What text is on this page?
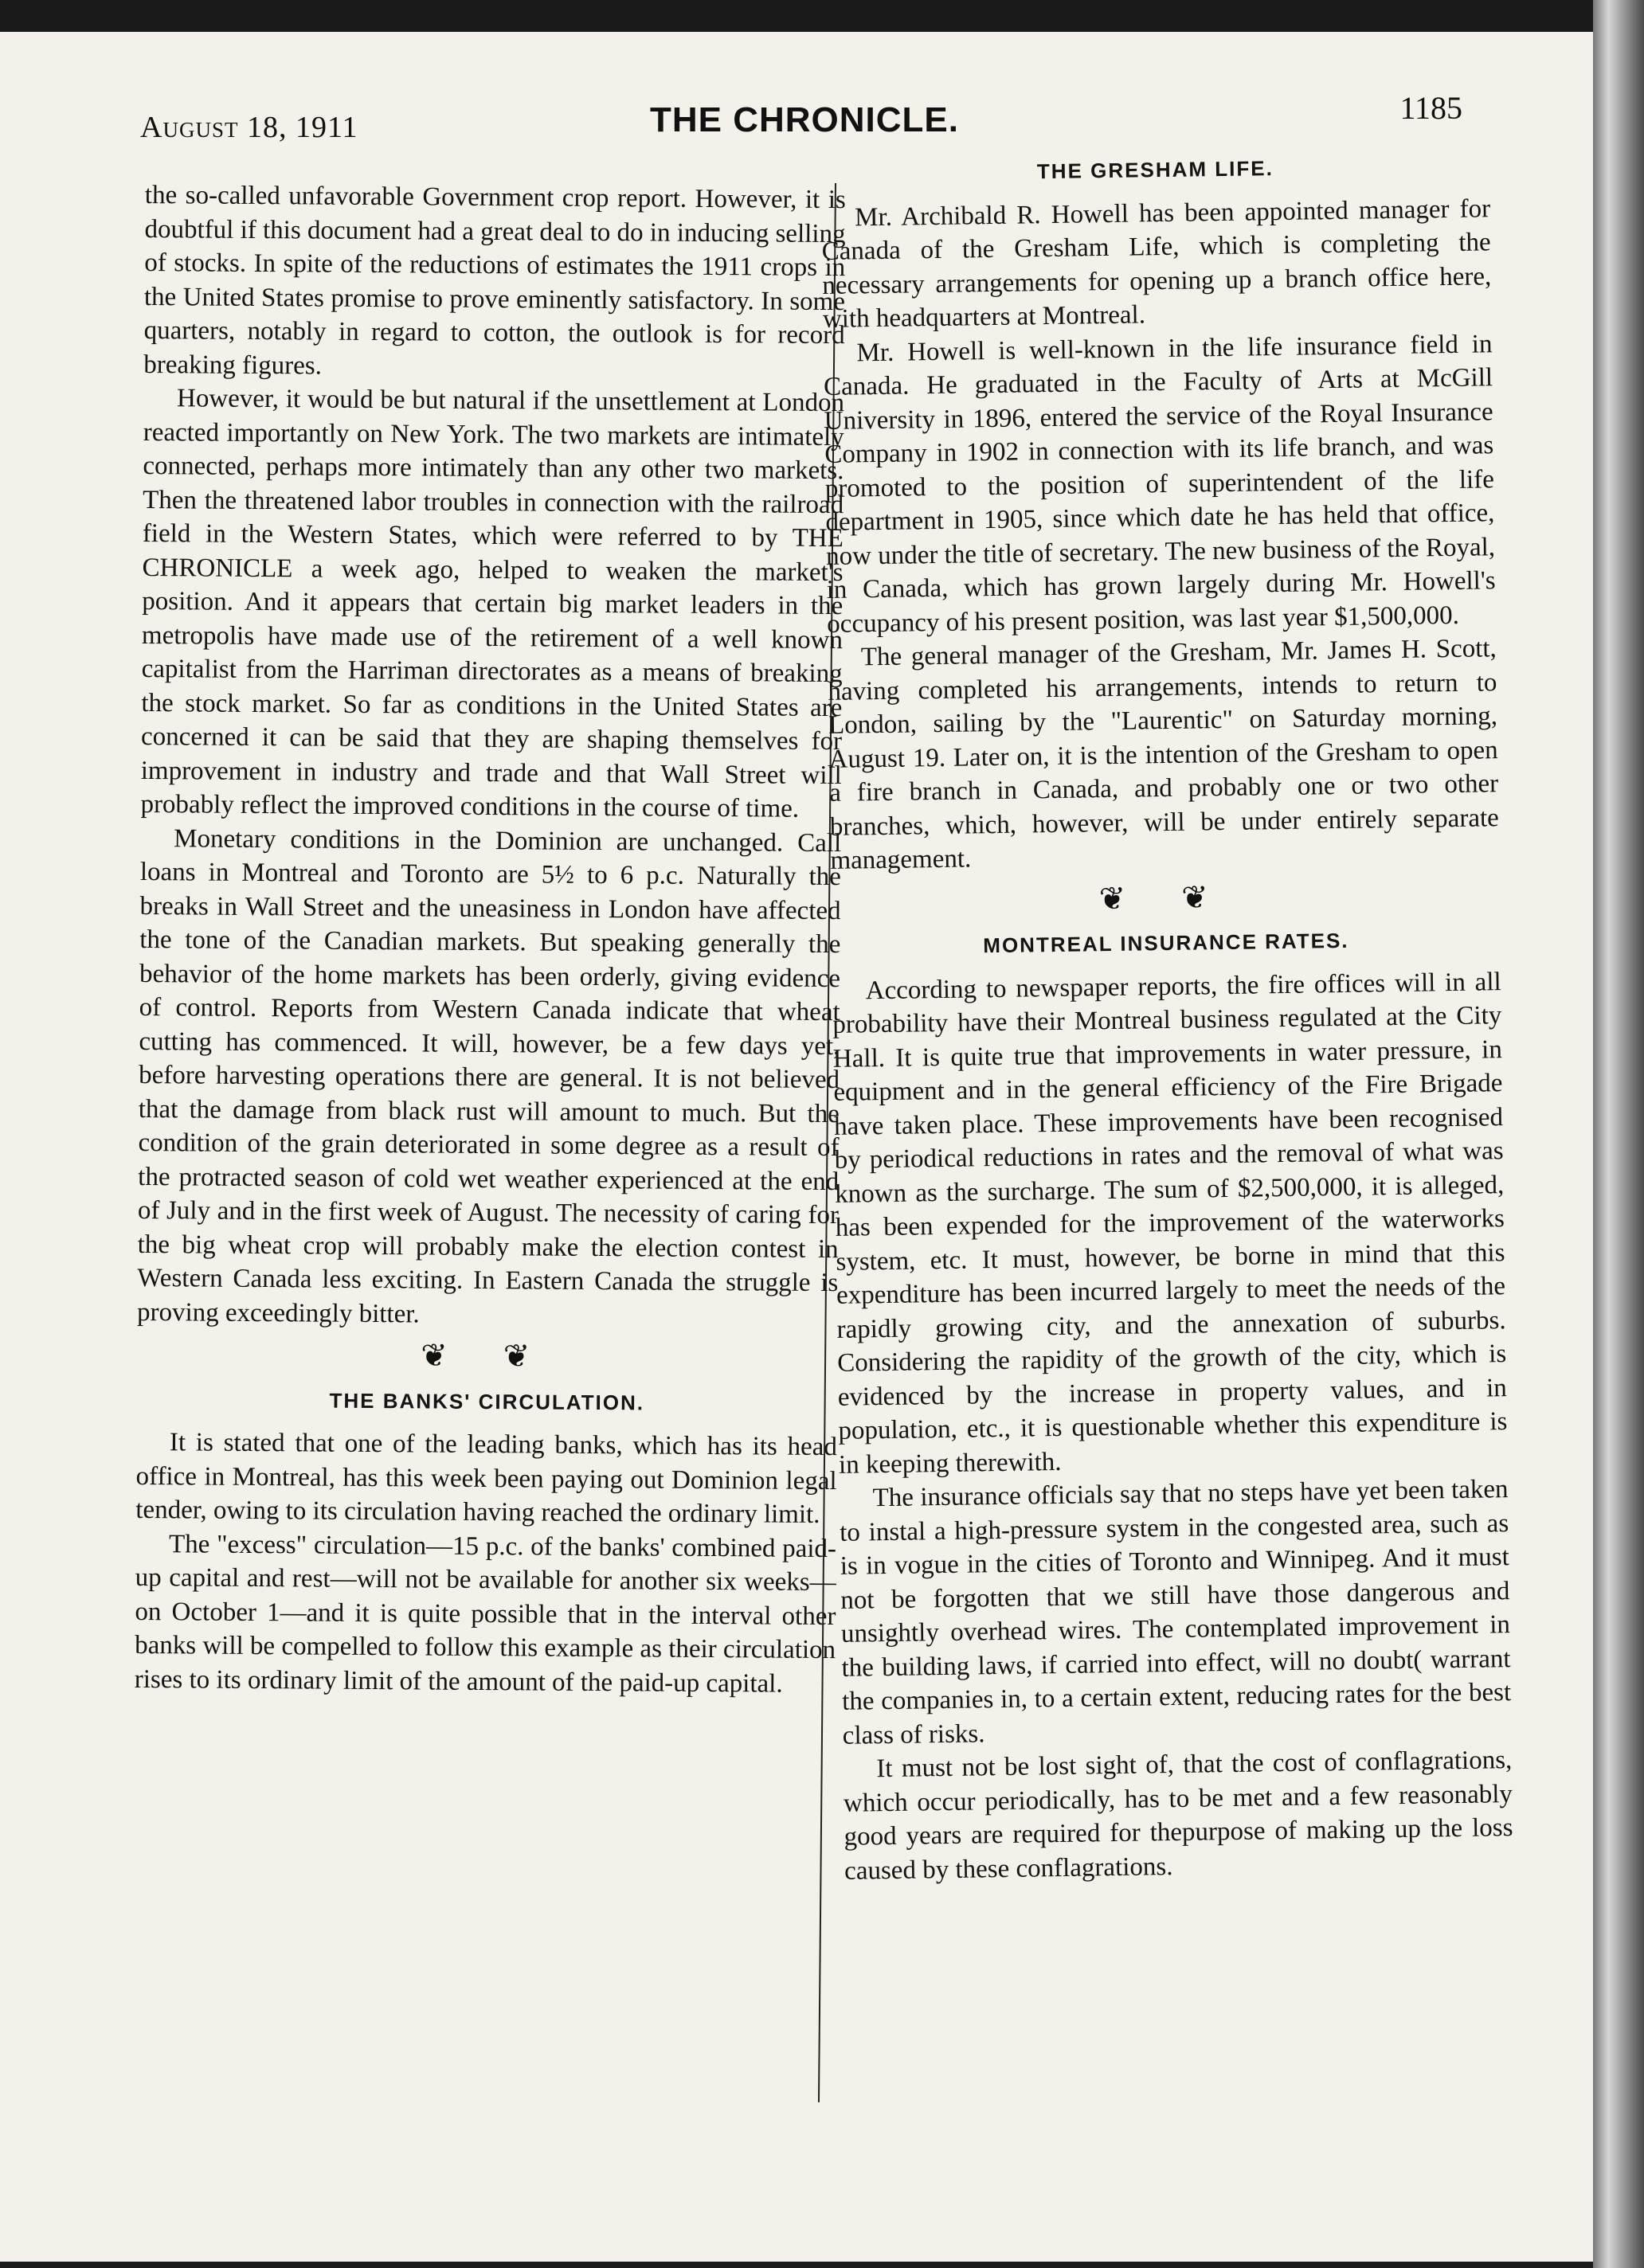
August 18, 1911	THE CHRONICLE.	1185

the so-called unfavorable Government crop report. However, it is doubtful if this document had a great deal to do in inducing selling of stocks. In spite of the reductions of estimates the 1911 crops in the United States promise to prove eminently satisfactory. In some quarters, notably in regard to cotton, the outlook is for record breaking figures.

However, it would be but natural if the unsettlement at London reacted importantly on New York. The two markets are intimately connected, perhaps more intimately than any other two markets. Then the threatened labor troubles in connection with the railroad field in the Western States, which were referred to by THE CHRONICLE a week ago, helped to weaken the market's position. And it appears that certain big market leaders in the metropolis have made use of the retirement of a well known capitalist from the Harriman directorates as a means of breaking the stock market. So far as conditions in the United States are concerned it can be said that they are shaping themselves for improvement in industry and trade and that Wall Street will probably reflect the improved conditions in the course of time.

Monetary conditions in the Dominion are unchanged. Call loans in Montreal and Toronto are 5½ to 6 p.c. Naturally the breaks in Wall Street and the uneasiness in London have affected the tone of the Canadian markets. But speaking generally the behavior of the home markets has been orderly, giving evidence of control. Reports from Western Canada indicate that wheat cutting has commenced. It will, however, be a few days yet, before harvesting operations there are general. It is not believed that the damage from black rust will amount to much. But the condition of the grain deteriorated in some degree as a result of the protracted season of cold wet weather experienced at the end of July and in the first week of August. The necessity of caring for the big wheat crop will probably make the election contest in Western Canada less exciting. In Eastern Canada the struggle is proving exceedingly bitter.

❦ ❦
THE BANKS' CIRCULATION.

It is stated that one of the leading banks, which has its head office in Montreal, has this week been paying out Dominion legal tender, owing to its circulation having reached the ordinary limit.

The "excess" circulation—15 p.c. of the banks' combined paid-up capital and rest—will not be available for another six weeks—on October 1—and it is quite possible that in the interval other banks will be compelled to follow this example as their circulation rises to its ordinary limit of the amount of the paid-up capital.

THE GRESHAM LIFE.

Mr. Archibald R. Howell has been appointed manager for Canada of the Gresham Life, which is completing the necessary arrangements for opening up a branch office here, with headquarters at Montreal.

Mr. Howell is well-known in the life insurance field in Canada. He graduated in the Faculty of Arts at McGill University in 1896, entered the service of the Royal Insurance Company in 1902 in connection with its life branch, and was promoted to the position of superintendent of the life department in 1905, since which date he has held that office, now under the title of secretary. The new business of the Royal, in Canada, which has grown largely during Mr. Howell's occupancy of his present position, was last year $1,500,000.

The general manager of the Gresham, Mr. James H. Scott, having completed his arrangements, intends to return to London, sailing by the "Laurentic" on Saturday morning, August 19. Later on, it is the intention of the Gresham to open a fire branch in Canada, and probably one or two other branches, which, however, will be under entirely separate management.

❦ ❦
MONTREAL INSURANCE RATES.

According to newspaper reports, the fire offices will in all probability have their Montreal business regulated at the City Hall. It is quite true that improvements in water pressure, in equipment and in the general efficiency of the Fire Brigade have taken place. These improvements have been recognised by periodical reductions in rates and the removal of what was known as the surcharge. The sum of $2,500,000, it is alleged, has been expended for the improvement of the waterworks system, etc. It must, however, be borne in mind that this expenditure has been incurred largely to meet the needs of the rapidly growing city, and the annexation of suburbs. Considering the rapidity of the growth of the city, which is evidenced by the increase in property values, and in population, etc., it is questionable whether this expenditure is in keeping therewith.

The insurance officials say that no steps have yet been taken to instal a high-pressure system in the congested area, such as is in vogue in the cities of Toronto and Winnipeg. And it must not be forgotten that we still have those dangerous and unsightly overhead wires. The contemplated improvement in the building laws, if carried into effect, will no doubt( warrant the companies in, to a certain extent, reducing rates for the best class of risks.

It must not be lost sight of, that the cost of conflagrations, which occur periodically, has to be met and a few reasonably good years are required for thepurpose of making up the loss caused by these conflagrations.
